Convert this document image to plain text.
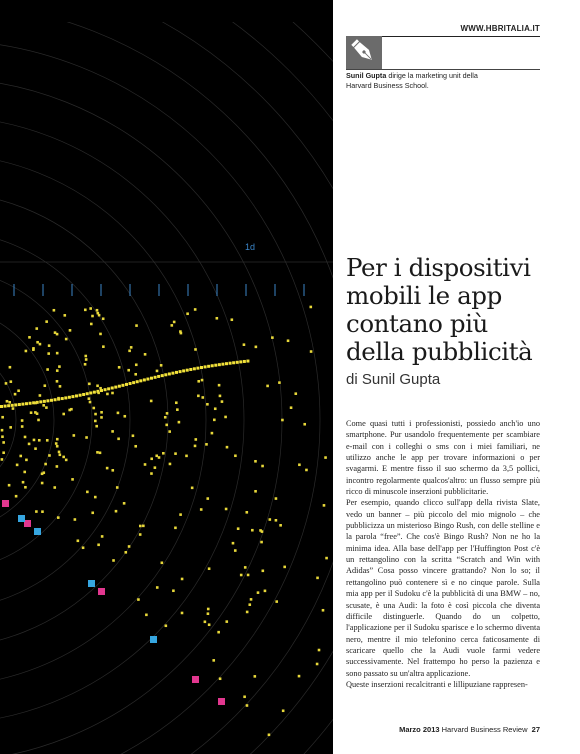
1d
WWW.HBRITALIA.IT
Sunil Gupta dirige la marketing unit della Harvard Business School.
Per i dispositivi mobili le app contano più della pubblicità
di Sunil Gupta

Come quasi tutti i professionisti, possiedo anch'io uno smartphone. Pur usandolo frequentemente per scambiare e-mail con i colleghi o sms con i miei familiari, ne utilizzo anche le app per trovare informazioni o per svagarmi. E mentre fisso il suo schermo da 3,5 pollici, incontro regolarmente qualcos'altro: un flusso sempre più ricco di minuscole inserzioni pubblicitarie.

Per esempio, quando clicco sull'app della rivista Slate, vedo un banner – più piccolo del mio mignolo – che pubblicizza un misterioso Bingo Rush, con delle stelline e la parola “free”. Che cos'è Bingo Rush? Non ne ho la minima idea. Alla base dell'app per l'Huffington Post c'è un rettangolino con la scritta “Scratch and Win with Adidas” Cosa posso vincere grattando? Non lo so; il rettangolino può contenere sì e no cinque parole. Sulla mia app per il Sudoku c'è la pubblicità di una BMW – no, scusate, è una Audi: la foto è così piccola che diventa difficile distinguerle. Quando do un colpetto, l'applicazione per il Sudoku sparisce e lo schermo diventa nero, mentre il mio telefonino cerca faticosamente di scaricare quello che la Audi vuole farmi vedere successivamente. Nel frattempo ho perso la pazienza e sono passato su un'altra applicazione.

Queste inserzioni recalcitranti e lillipuziane rappresen-

Marzo 2013 Harvard Business Review 27
